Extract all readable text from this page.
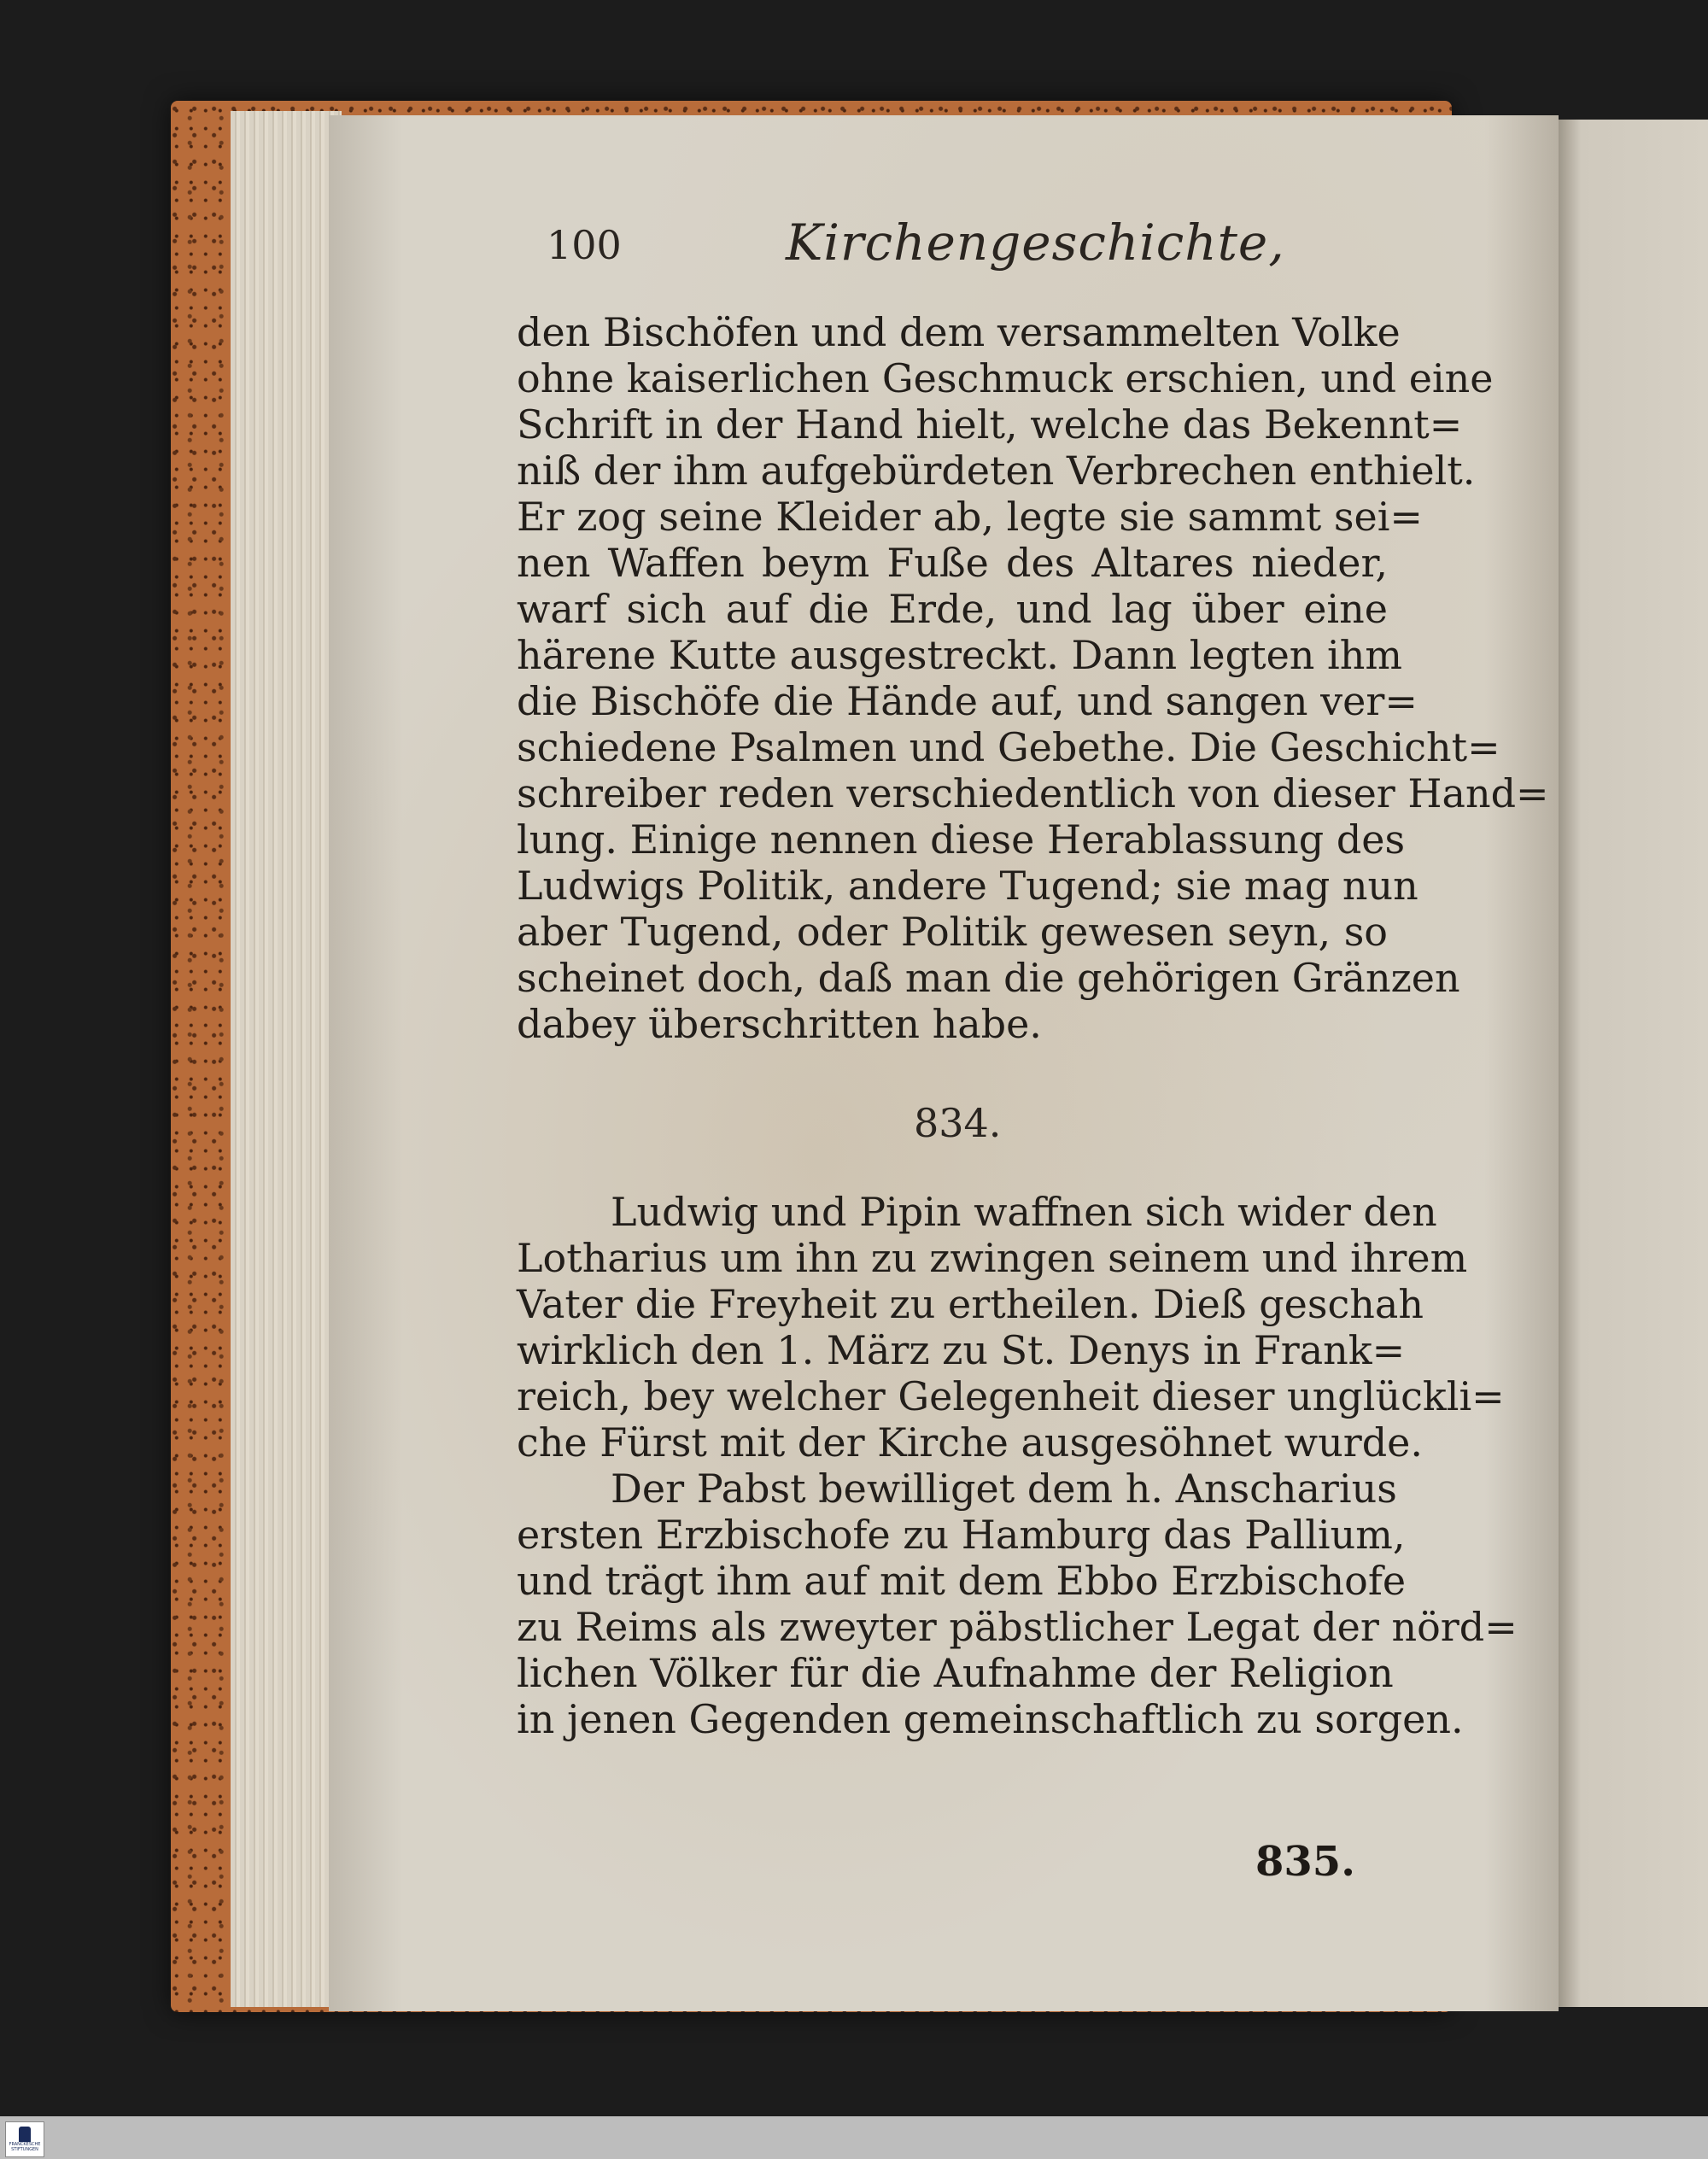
100	Kirchengeschichte,
den Bischöfen und dem versammelten Volke
ohne kaiserlichen Geschmuck erschien, und eine
Schrift in der Hand hielt, welche das Bekennt=
niß der ihm aufgebürdeten Verbrechen enthielt.
Er zog seine Kleider ab, legte sie sammt sei=
nen Waffen beym Fuße des Altares nieder,
warf sich auf die Erde, und lag über eine
härene Kutte ausgestreckt. Dann legten ihm
die Bischöfe die Hände auf, und sangen ver=
schiedene Psalmen und Gebethe. Die Geschicht=
schreiber reden verschiedentlich von dieser Hand=
lung. Einige nennen diese Herablassung des
Ludwigs Politik, andere Tugend; sie mag nun
aber Tugend, oder Politik gewesen seyn, so
scheinet doch, daß man die gehörigen Gränzen
dabey überschritten habe.
834.
Ludwig und Pipin waffnen sich wider den
Lotharius um ihn zu zwingen seinem und ihrem
Vater die Freyheit zu ertheilen. Dieß geschah
wirklich den 1. März zu St. Denys in Frank=
reich, bey welcher Gelegenheit dieser unglückli=
che Fürst mit der Kirche ausgesöhnet wurde.
Der Pabst bewilliget dem h. Anscharius
ersten Erzbischofe zu Hamburg das Pallium,
und trägt ihm auf mit dem Ebbo Erzbischofe
zu Reims als zweyter päbstlicher Legat der nörd=
lichen Völker für die Aufnahme der Religion
in jenen Gegenden gemeinschaftlich zu sorgen.
835.
FRANCKESCHE STIFTUNGEN
